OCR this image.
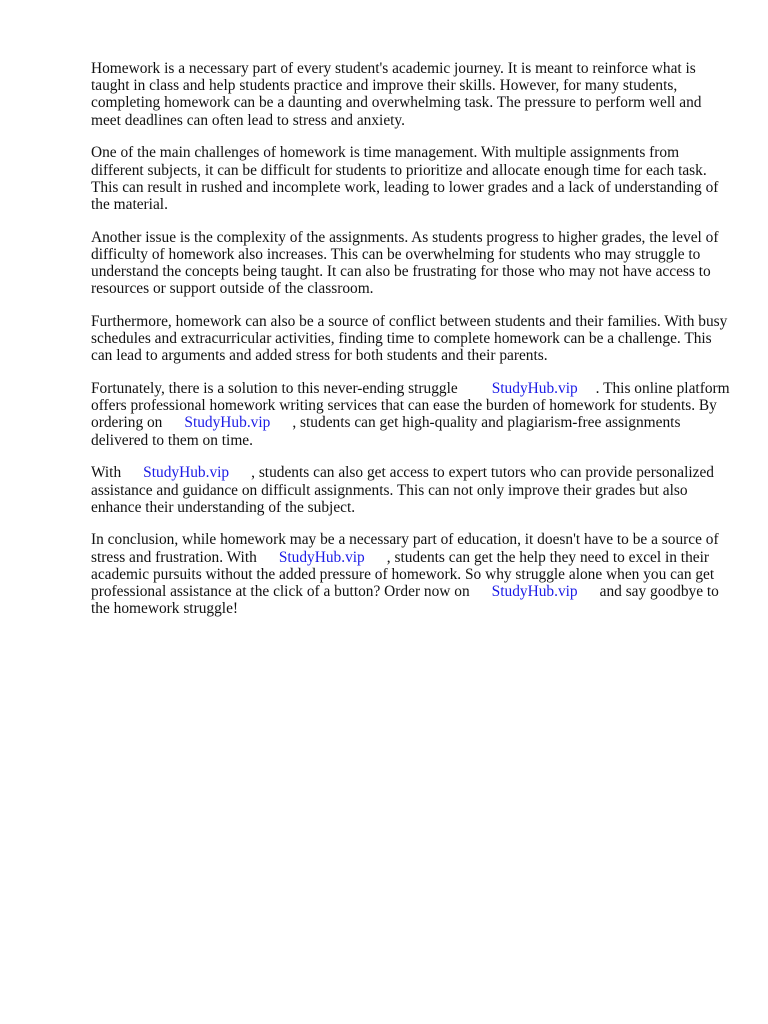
Homework is a necessary part of every student's academic journey. It is meant to reinforce what is taught in class and help students practice and improve their skills. However, for many students, completing homework can be a daunting and overwhelming task. The pressure to perform well and meet deadlines can often lead to stress and anxiety.

One of the main challenges of homework is time management. With multiple assignments from different subjects, it can be difficult for students to prioritize and allocate enough time for each task. This can result in rushed and incomplete work, leading to lower grades and a lack of understanding of the material.

Another issue is the complexity of the assignments. As students progress to higher grades, the level of difficulty of homework also increases. This can be overwhelming for students who may struggle to understand the concepts being taught. It can also be frustrating for those who may not have access to resources or support outside of the classroom.

Furthermore, homework can also be a source of conflict between students and their families. With busy schedules and extracurricular activities, finding time to complete homework can be a challenge. This can lead to arguments and added stress for both students and their parents.

Fortunately, there is a solution to this never-ending struggle StudyHub.vip . This online platform offers professional homework writing services that can ease the burden of homework for students. By ordering on StudyHub.vip , students can get high-quality and plagiarism-free assignments delivered to them on time.

With StudyHub.vip , students can also get access to expert tutors who can provide personalized assistance and guidance on difficult assignments. This can not only improve their grades but also enhance their understanding of the subject.

In conclusion, while homework may be a necessary part of education, it doesn't have to be a source of stress and frustration. With StudyHub.vip , students can get the help they need to excel in their academic pursuits without the added pressure of homework. So why struggle alone when you can get professional assistance at the click of a button? Order now on StudyHub.vip and say goodbye to the homework struggle!
